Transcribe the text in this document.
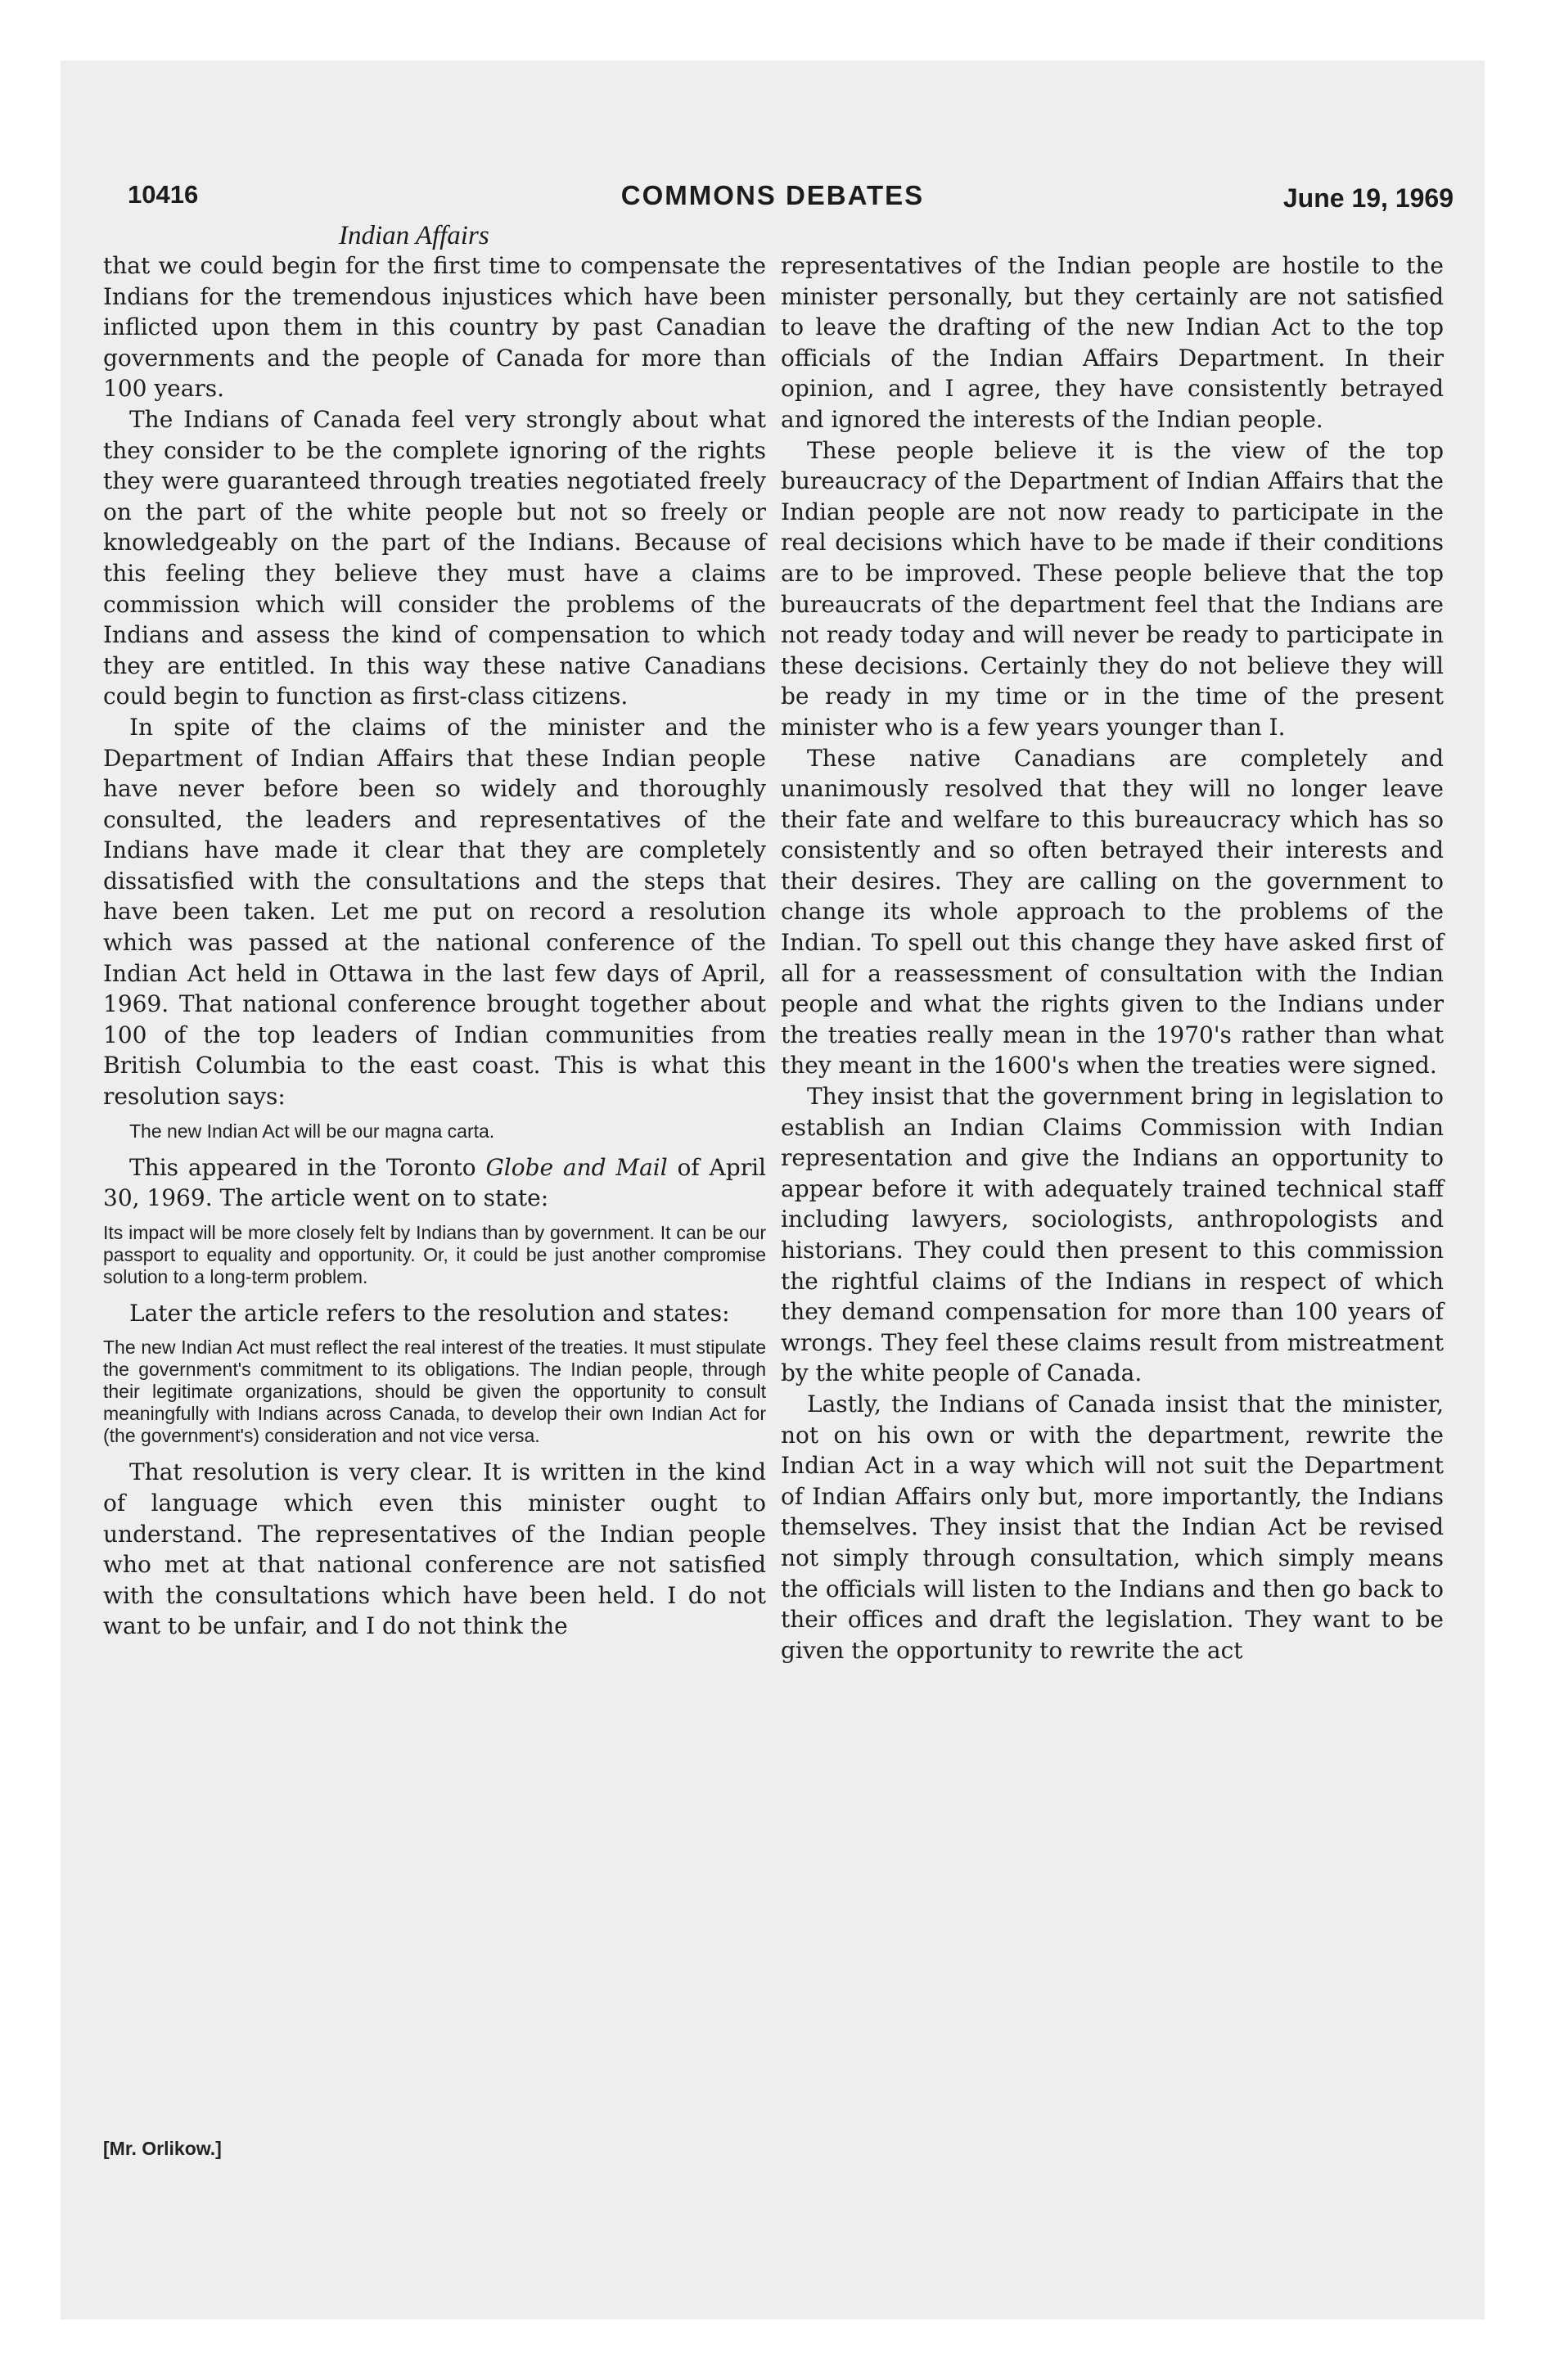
10416	COMMONS DEBATES	June 19, 1969
Indian Affairs

that we could begin for the first time to compensate the Indians for the tremendous injustices which have been inflicted upon them in this country by past Canadian governments and the people of Canada for more than 100 years.

The Indians of Canada feel very strongly about what they consider to be the complete ignoring of the rights they were guaranteed through treaties negotiated freely on the part of the white people but not so freely or knowledgeably on the part of the Indians. Because of this feeling they believe they must have a claims commission which will consider the problems of the Indians and assess the kind of compensation to which they are entitled. In this way these native Canadians could begin to function as first-class citizens.

In spite of the claims of the minister and the Department of Indian Affairs that these Indian people have never before been so widely and thoroughly consulted, the leaders and representatives of the Indians have made it clear that they are completely dissatisfied with the consultations and the steps that have been taken. Let me put on record a resolution which was passed at the national conference of the Indian Act held in Ottawa in the last few days of April, 1969. That national conference brought together about 100 of the top leaders of Indian communities from British Columbia to the east coast. This is what this resolution says:

The new Indian Act will be our magna carta.

This appeared in the Toronto Globe and Mail of April 30, 1969. The article went on to state:

Its impact will be more closely felt by Indians than by government. It can be our passport to equality and opportunity. Or, it could be just another compromise solution to a long-term problem.

Later the article refers to the resolution and states:

The new Indian Act must reflect the real interest of the treaties. It must stipulate the government's commitment to its obligations. The Indian people, through their legitimate organizations, should be given the opportunity to consult meaningfully with Indians across Canada, to develop their own Indian Act for (the government's) consideration and not vice versa.

That resolution is very clear. It is written in the kind of language which even this minister ought to understand. The representatives of the Indian people who met at that national conference are not satisfied with the consultations which have been held. I do not want to be unfair, and I do not think the

representatives of the Indian people are hostile to the minister personally, but they certainly are not satisfied to leave the drafting of the new Indian Act to the top officials of the Indian Affairs Department. In their opinion, and I agree, they have consistently betrayed and ignored the interests of the Indian people.

These people believe it is the view of the top bureaucracy of the Department of Indian Affairs that the Indian people are not now ready to participate in the real decisions which have to be made if their conditions are to be improved. These people believe that the top bureaucrats of the department feel that the Indians are not ready today and will never be ready to participate in these decisions. Certainly they do not believe they will be ready in my time or in the time of the present minister who is a few years younger than I.

These native Canadians are completely and unanimously resolved that they will no longer leave their fate and welfare to this bureaucracy which has so consistently and so often betrayed their interests and their desires. They are calling on the government to change its whole approach to the problems of the Indian. To spell out this change they have asked first of all for a reassessment of consultation with the Indian people and what the rights given to the Indians under the treaties really mean in the 1970's rather than what they meant in the 1600's when the treaties were signed.

They insist that the government bring in legislation to establish an Indian Claims Commission with Indian representation and give the Indians an opportunity to appear before it with adequately trained technical staff including lawyers, sociologists, anthropologists and historians. They could then present to this commission the rightful claims of the Indians in respect of which they demand compensation for more than 100 years of wrongs. They feel these claims result from mistreatment by the white people of Canada.

Lastly, the Indians of Canada insist that the minister, not on his own or with the department, rewrite the Indian Act in a way which will not suit the Department of Indian Affairs only but, more importantly, the Indians themselves. They insist that the Indian Act be revised not simply through consultation, which simply means the officials will listen to the Indians and then go back to their offices and draft the legislation. They want to be given the opportunity to rewrite the act

[Mr. Orlikow.]
